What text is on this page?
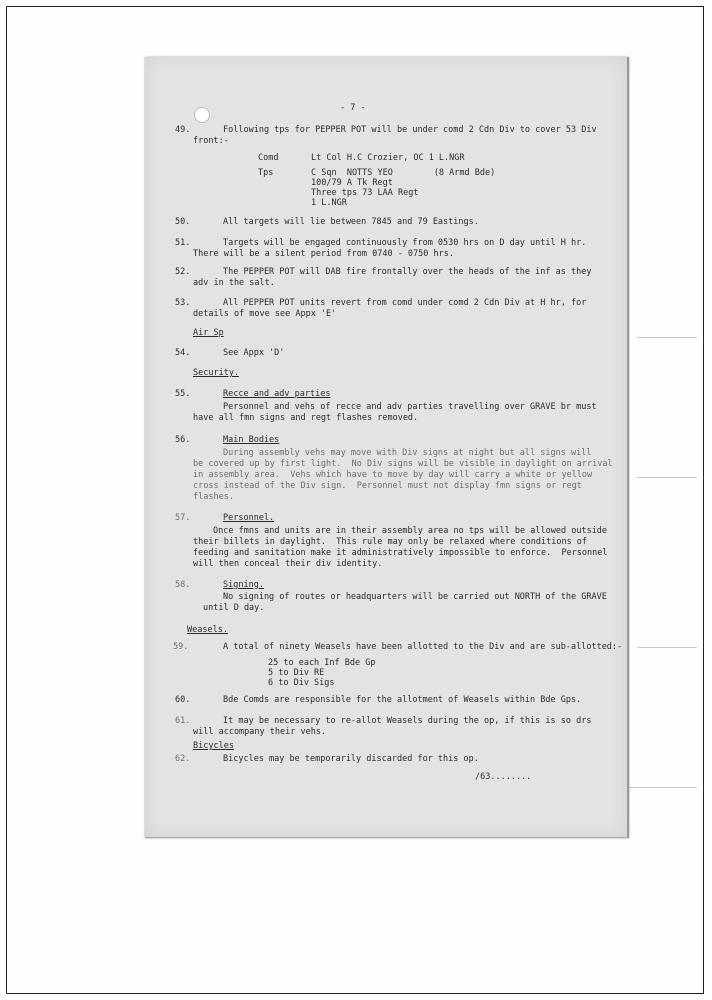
- 7 -
49.	Following tps for PEPPER POT will be under comd 2 Cdn Div to cover 53 Div
front:-
Comd	Lt Col H.C Crozier, OC 1 L.NGR
Tps	C Sqn  NOTTS YEO        (8 Armd Bde)
100/79 A Tk Regt
Three tps 73 LAA Regt
1 L.NGR
50.	All targets will lie between 7845 and 79 Eastings.
51.	Targets will be engaged continuously from 0530 hrs on D day until H hr.
There will be a silent period from 0740 - 0750 hrs.
52.	The PEPPER POT will DAB fire frontally over the heads of the inf as they
adv in the salt.
53.	All PEPPER POT units revert from comd under comd 2 Cdn Div at H hr, for
details of move see Appx 'E'
Air Sp
54.	See Appx 'D'
Security.
55.	Recce and adv parties
Personnel and vehs of recce and adv parties travelling over GRAVE br must
have all fmn signs and regt flashes removed.
56.	Main Bodies
During assembly vehs may move with Div signs at night but all signs will
be covered up by first light.  No Div signs will be visible in daylight on arrival
in assembly area.  Vehs which have to move by day will carry a white or yellow
cross instead of the Div sign.  Personnel must not display fmn signs or regt
flashes.
57.	Personnel.
Once fmns and units are in their assembly area no tps will be allowed outside
their billets in daylight.  This rule may only be relaxed where conditions of
feeding and sanitation make it administratively impossible to enforce.  Personnel
will then conceal their div identity.
58.	Signing.
No signing of routes or headquarters will be carried out NORTH of the GRAVE
until D day.
Weasels.
59.	A total of ninety Weasels have been allotted to the Div and are sub-allotted:-
25 to each Inf Bde Gp
5 to Div RE
6 to Div Sigs
60.	Bde Comds are responsible for the allotment of Weasels within Bde Gps.
61.	It may be necessary to re-allot Weasels during the op, if this is so drs
will accompany their vehs.
Bicycles
62.	Bicycles may be temporarily discarded for this op.
/63........
